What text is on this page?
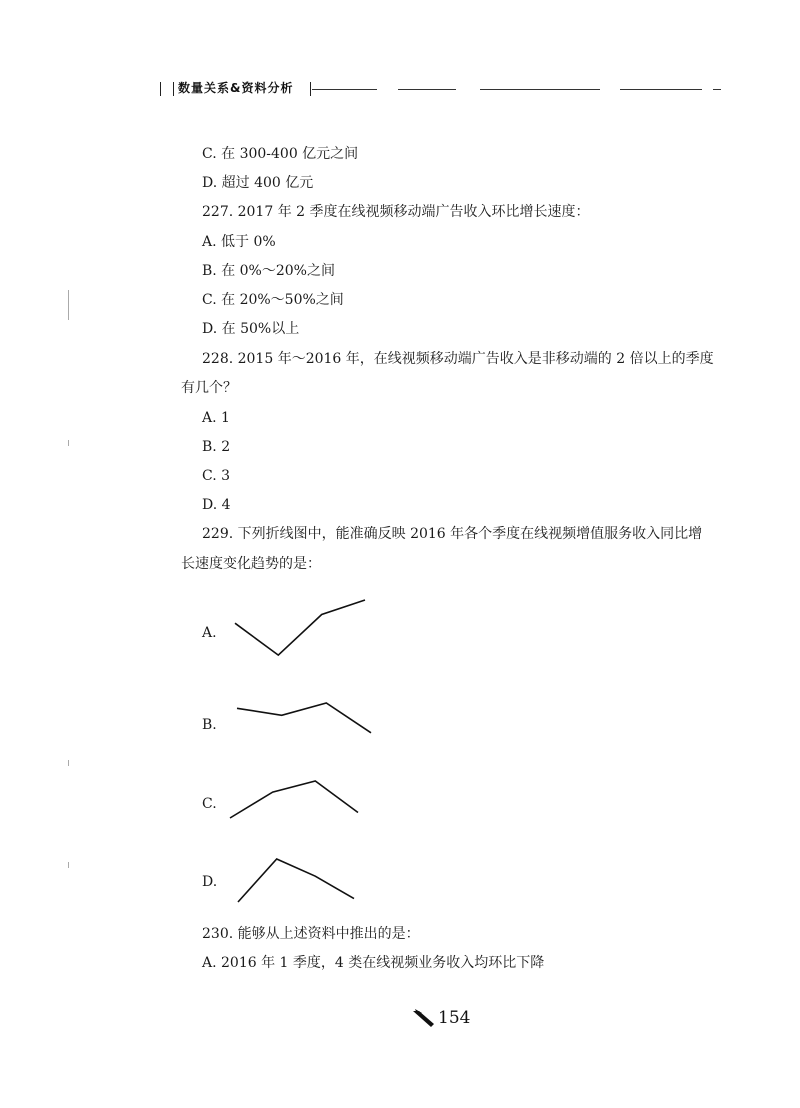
数量关系&资料分析
C. 在 300-400 亿元之间
D. 超过 400 亿元
227. 2017 年 2 季度在线视频移动端广告收入环比增长速度：
A. 低于 0%
B. 在 0%～20%之间
C. 在 20%～50%之间
D. 在 50%以上
228. 2015 年～2016 年，在线视频移动端广告收入是非移动端的 2 倍以上的季度
有几个？
A. 1
B. 2
C. 3
D. 4
229. 下列折线图中，能准确反映 2016 年各个季度在线视频增值服务收入同比增
长速度变化趋势的是：
A.
B.
C.
D.
230. 能够从上述资料中推出的是：
A. 2016 年 1 季度，4 类在线视频业务收入均环比下降
154
